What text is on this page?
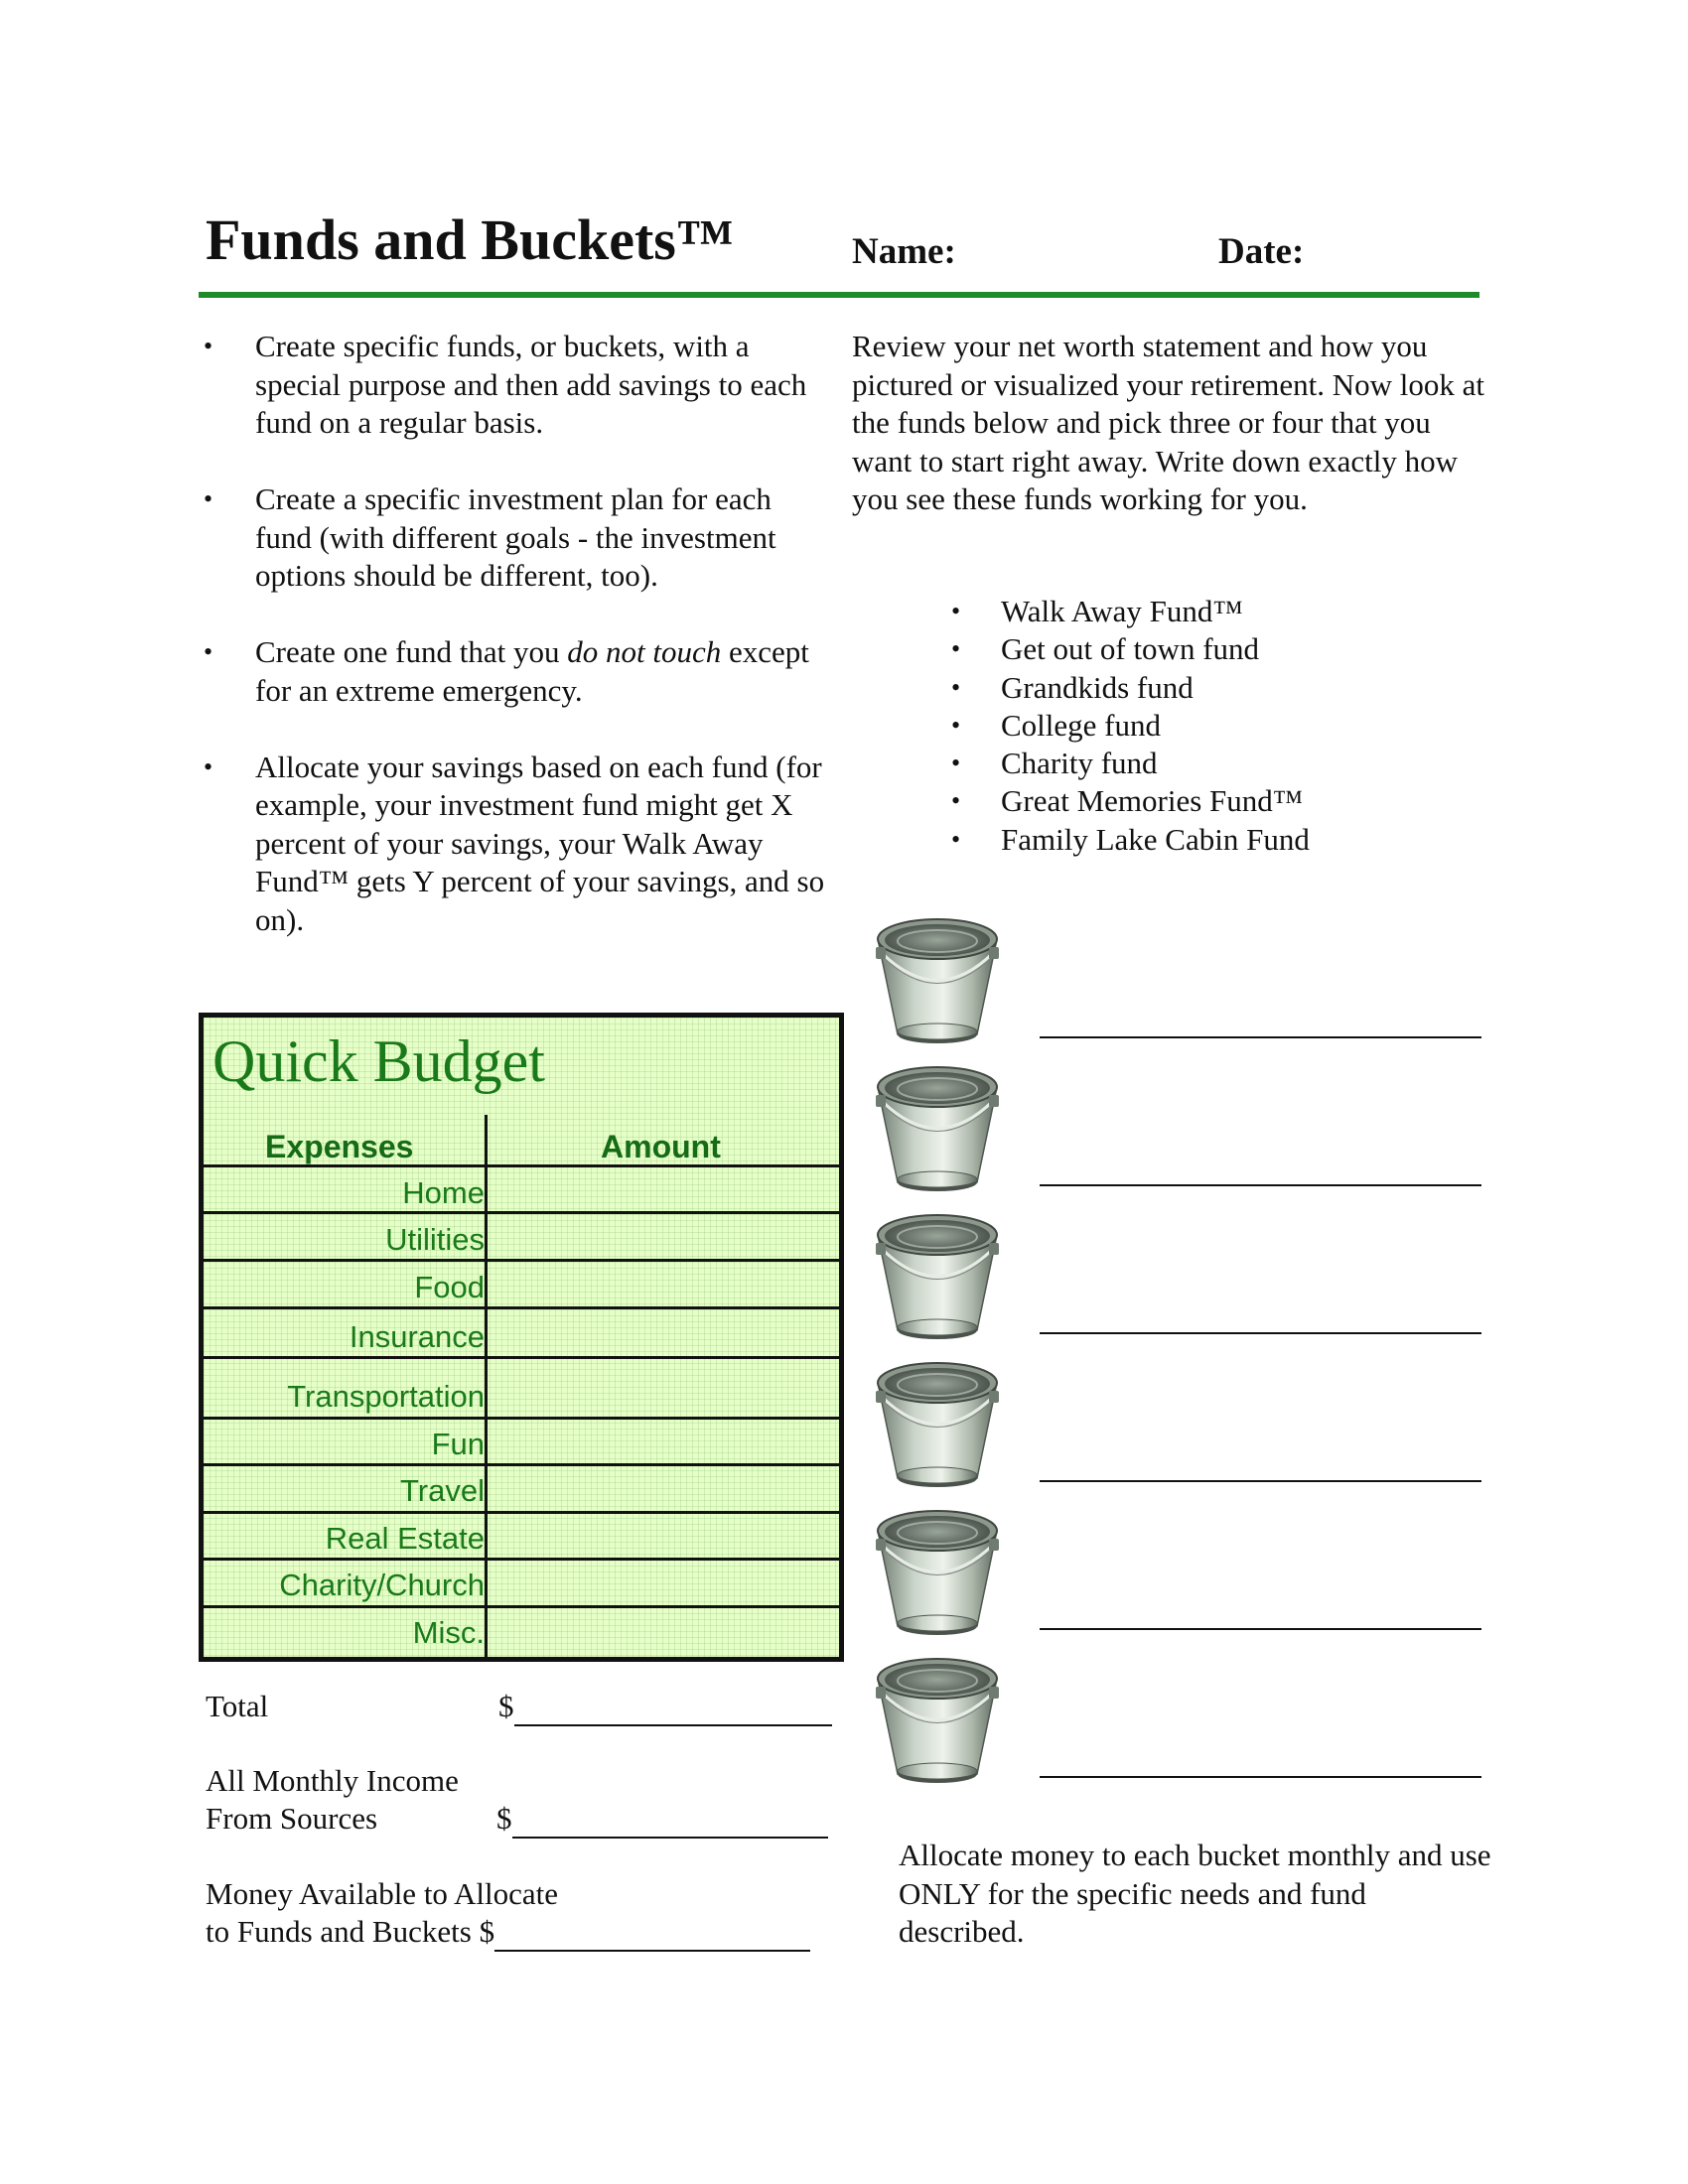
Funds and Buckets™	Name:	Date:
• Create specific funds, or buckets, with a special purpose and then add savings to each fund on a regular basis.
• Create a specific investment plan for each fund (with different goals - the investment options should be different, too).
• Create one fund that you do not touch except for an extreme emergency.
• Allocate your savings based on each fund (for example, your investment fund might get X percent of your savings, your Walk Away Fund™ gets Y percent of your savings, and so on).
Review your net worth statement and how you pictured or visualized your retirement. Now look at the funds below and pick three or four that you want to start right away. Write down exactly how you see these funds working for you.
• Walk Away Fund™
• Get out of town fund
• Grandkids fund
• College fund
• Charity fund
• Great Memories Fund™
• Family Lake Cabin Fund
Quick Budget
Expenses	Amount
Home
Utilities
Food
Insurance
Transportation
Fun
Travel
Real Estate
Charity/Church
Misc.
Total	$
All Monthly Income
From Sources	$
Money Available to Allocate
to Funds and Buckets $
Allocate money to each bucket monthly and use ONLY for the specific needs and fund described.
